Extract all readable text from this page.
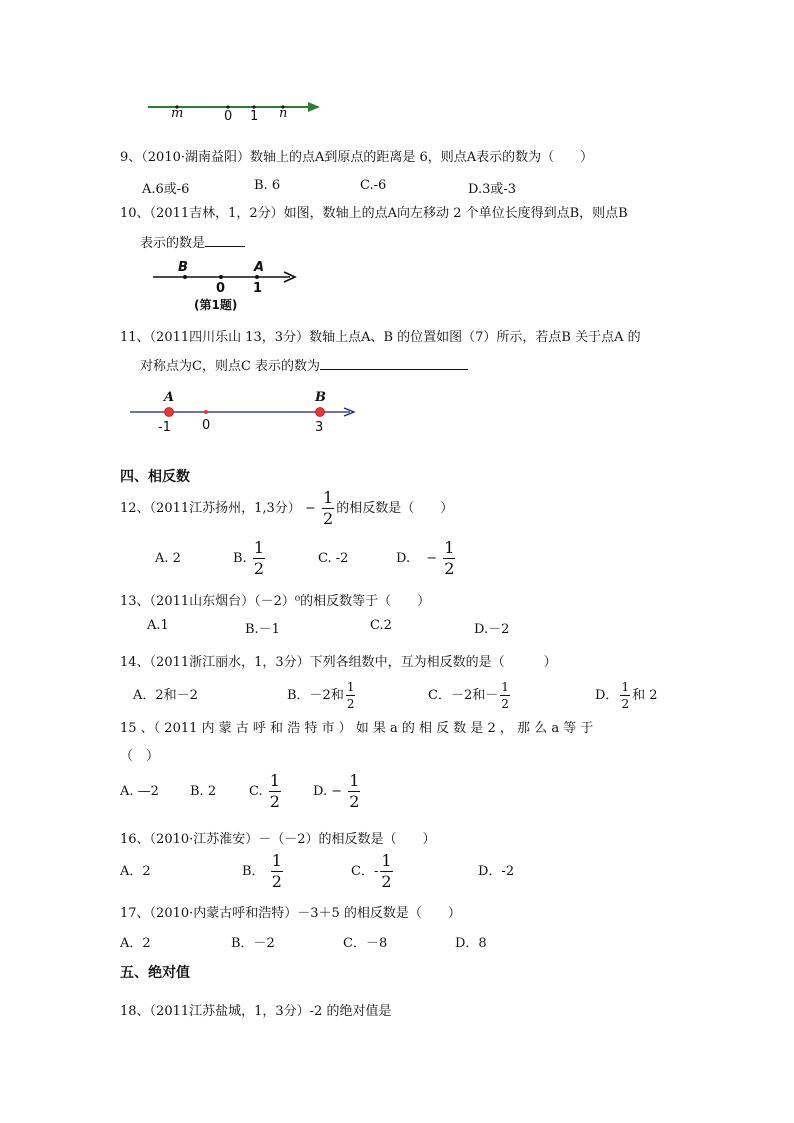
m	0 1 n
9、（2010·湖南益阳）数轴上的点A到原点的距离是 6，则点A表示的数为（　　）
A.6或-6	B. 6	C.-6	D.3或-3
10、（2011吉林，1，2分）如图，数轴上的点A向左移动 2 个单位长度得到点B，则点B
表示的数是
B
0
A
1
(第1题)
11、（2011四川乐山 13，3分）数轴上点A、B 的位置如图（7）所示，若点B 关于点A 的
对称点为C，则点C 表示的数为
A	B
-1 0	3
四、相反数
12、（2011江苏扬州，1,3分） − $\frac{1}{2}$ 的相反数是（　　）
A. 2	B. $\frac{1}{2}$	C. -2	D. − $\frac{1}{2}$
13、（2011山东烟台）（－2）⁰的相反数等于（　　）
A.1	B.－1	C.2	D.－2
14、（2011浙江丽水，1，3分）下列各组数中，互为相反数的是（　　　）
A．2和－2	B．－2和 $\frac{1}{2}$	C．－2和－ $\frac{1}{2}$	D． $\frac{1}{2}$ 和 2
15 、（ 2011 内 蒙 古 呼 和 浩 特 市 ） 如 果 a 的 相 反 数 是 2 ， 那 么 a 等 于
（　）
A. —2 B. 2	C. $\frac{1}{2} D$. − $\frac{1}{2}$
16、（2010·江苏淮安）－（－2）的相反数是（　　）
A．2	B． $\frac{1}{2}$	C．- $\frac{1}{2}$	D．-2
17、（2010·内蒙古呼和浩特）－3＋5 的相反数是（　　）
A．2	B．－2	C．－8	D．8
五、绝对值
18、（2011江苏盐城，1，3分）-2 的绝对值是
